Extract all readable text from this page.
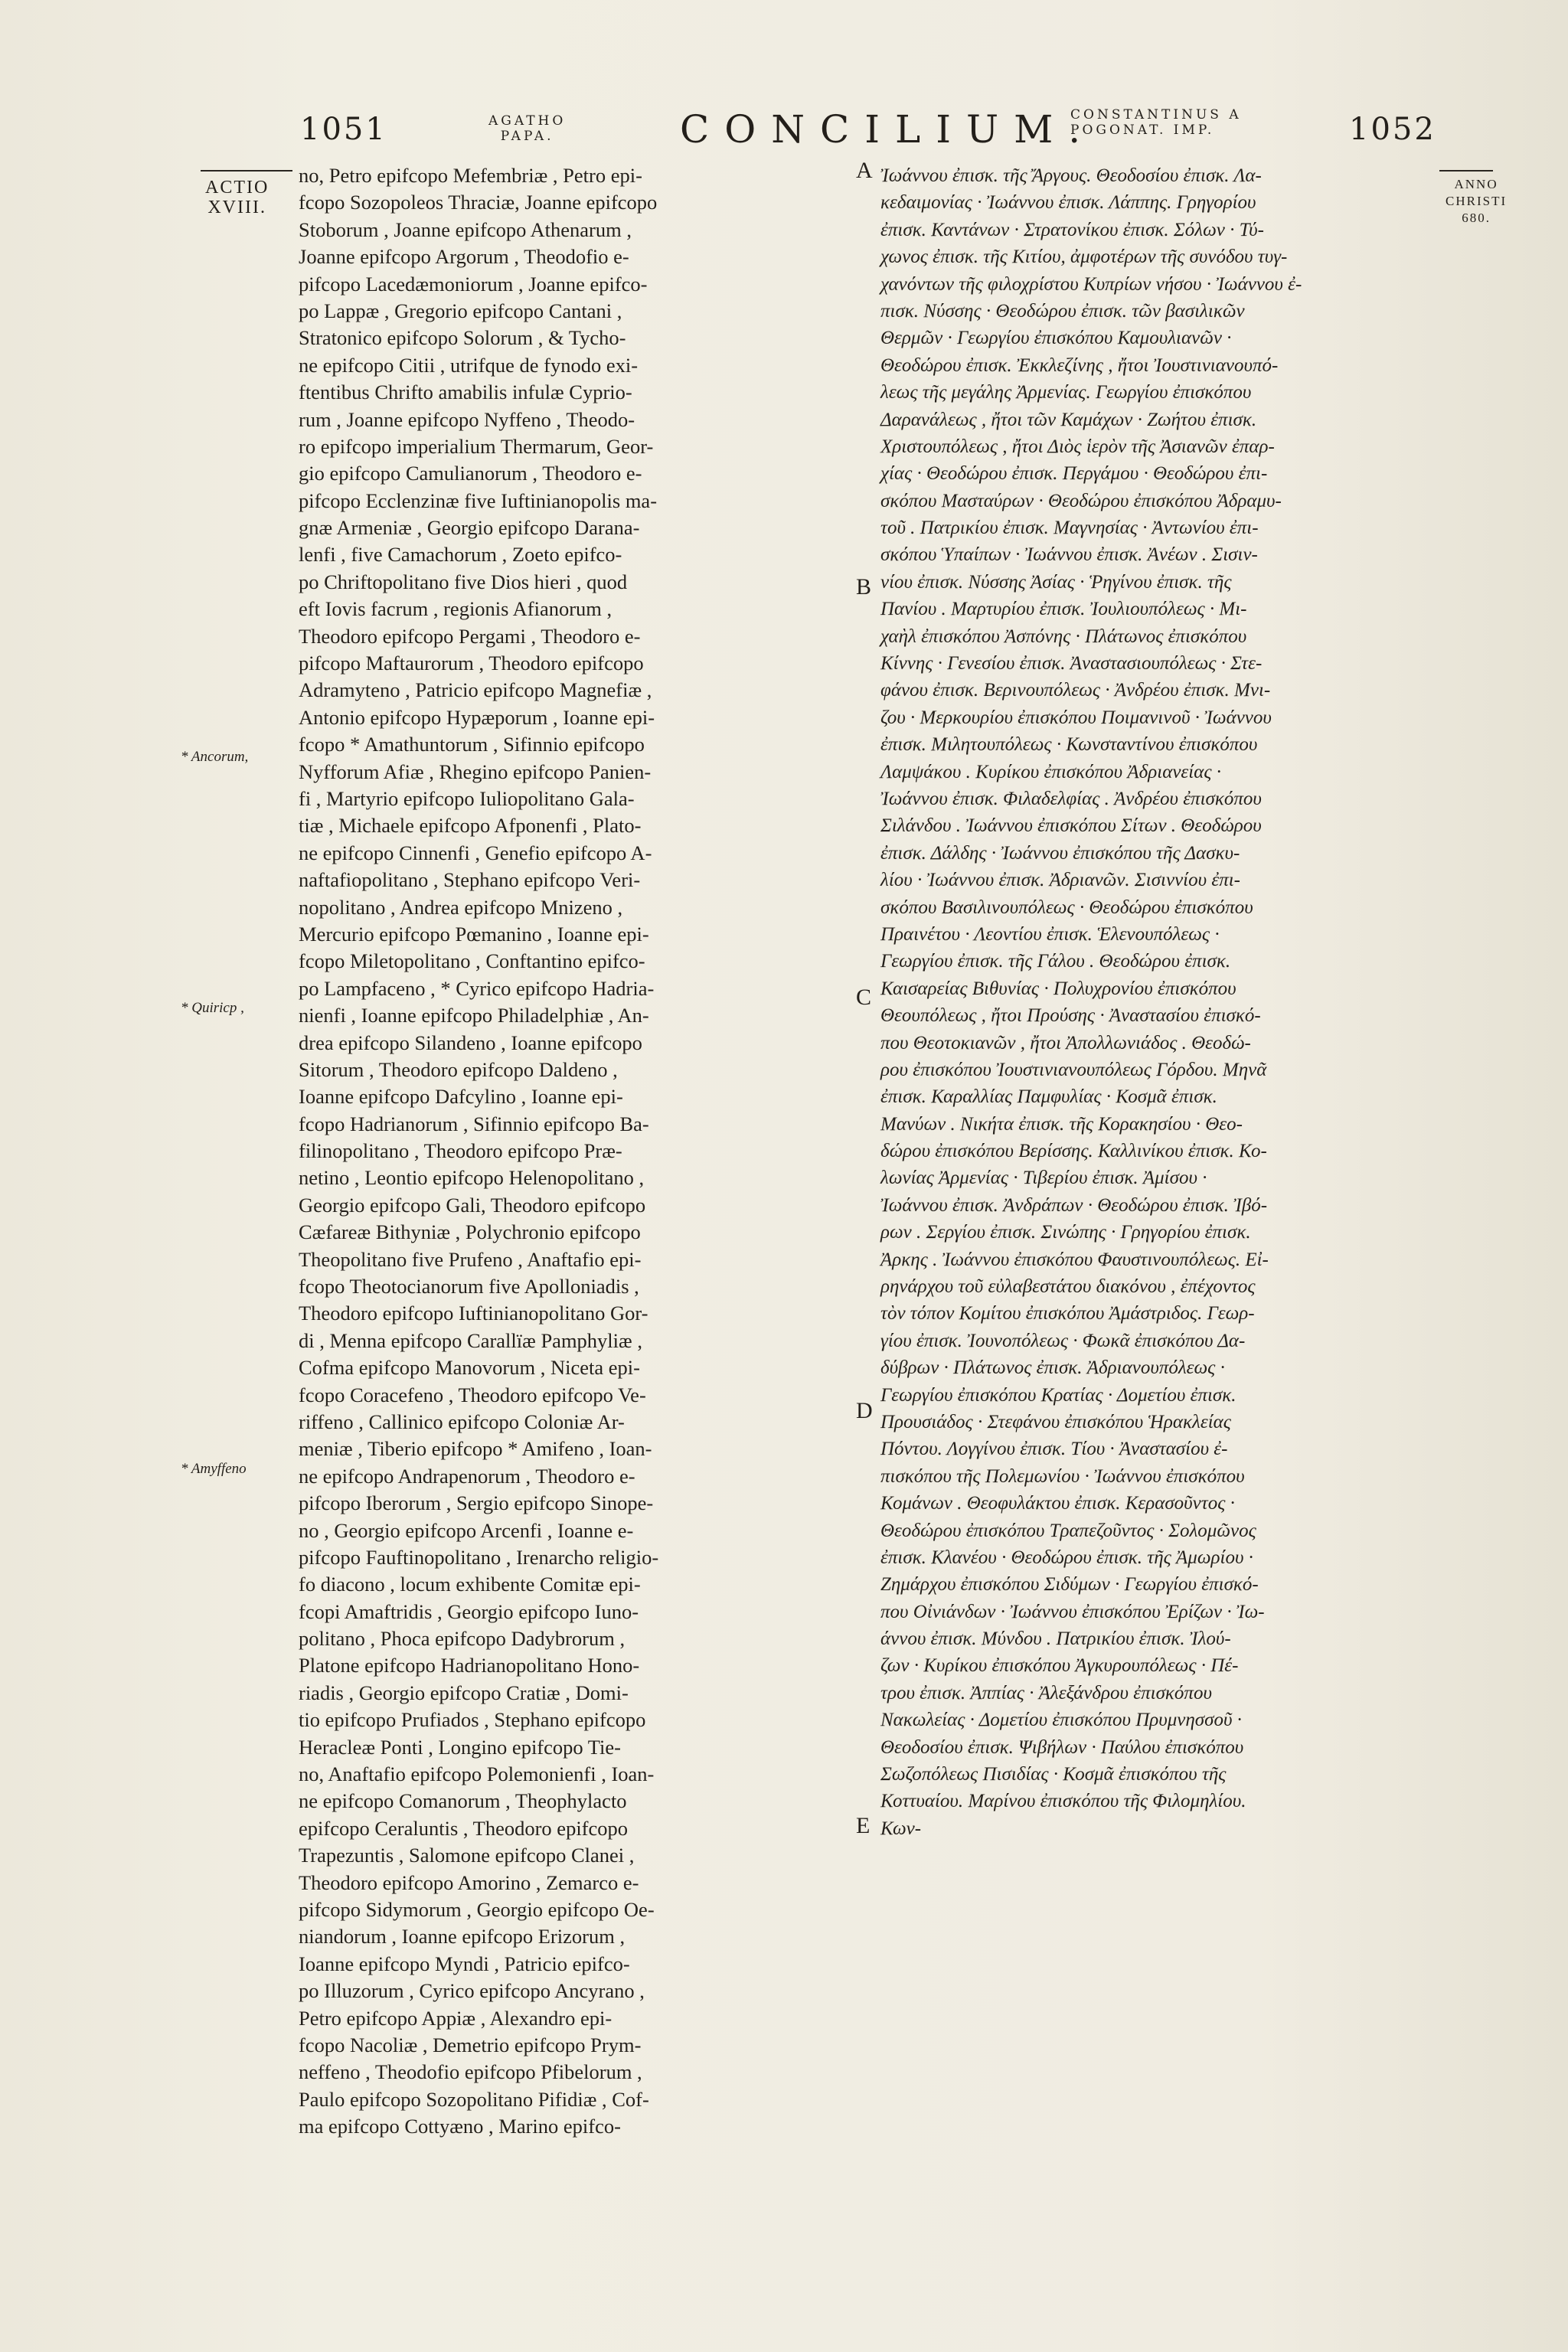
1051	AGATHO
PAPA.	CONCILIUM.
CONSTANTINUS A
POGONAT. IMP.	1052
ACTIO
XVIII.
ANNO
CHRISTI
680.
* Ancorum,
* Quiricp ,
* Amyffeno
A
B
C
D
E
no, Petro epifcopo Mefembriæ , Petro epi-
fcopo Sozopoleos Thraciæ, Joanne epifcopo
Stoborum , Joanne epifcopo Athenarum ,
Joanne epifcopo Argorum , Theodofio e-
pifcopo Lacedæmoniorum , Joanne epifco-
po Lappæ , Gregorio epifcopo Cantani ,
Stratonico epifcopo Solorum , & Tycho-
ne epifcopo Citii , utrifque de fynodo exi-
ftentibus Chrifto amabilis infulæ Cyprio-
rum , Joanne epifcopo Nyffeno , Theodo-
ro epifcopo imperialium Thermarum, Geor-
gio epifcopo Camulianorum , Theodoro e-
pifcopo Ecclenzinæ five Iuftinianopolis ma-
gnæ Armeniæ , Georgio epifcopo Darana-
lenfi , five Camachorum , Zoeto epifco-
po Chriftopolitano five Dios hieri , quod
eft Iovis facrum , regionis Afianorum ,
Theodoro epifcopo Pergami , Theodoro e-
pifcopo Maftaurorum , Theodoro epifcopo
Adramyteno , Patricio epifcopo Magnefiæ ,
Antonio epifcopo Hypæporum , Ioanne epi-
fcopo * Amathuntorum , Sifinnio epifcopo
Nyfforum Afiæ , Rhegino epifcopo Panien-
fi , Martyrio epifcopo Iuliopolitano Gala-
tiæ , Michaele epifcopo Afponenfi , Plato-
ne epifcopo Cinnenfi , Genefio epifcopo A-
naftafiopolitano , Stephano epifcopo Veri-
nopolitano , Andrea epifcopo Mnizeno ,
Mercurio epifcopo Pœmanino , Ioanne epi-
fcopo Miletopolitano , Conftantino epifco-
po Lampfaceno , * Cyrico epifcopo Hadria-
nienfi , Ioanne epifcopo Philadelphiæ , An-
drea epifcopo Silandeno , Ioanne epifcopo
Sitorum , Theodoro epifcopo Daldeno ,
Ioanne epifcopo Dafcylino , Ioanne epi-
fcopo Hadrianorum , Sifinnio epifcopo Ba-
filinopolitano , Theodoro epifcopo Præ-
netino , Leontio epifcopo Helenopolitano ,
Georgio epifcopo Gali, Theodoro epifcopo
Cæfareæ Bithyniæ , Polychronio epifcopo
Theopolitano five Prufeno , Anaftafio epi-
fcopo Theotocianorum five Apolloniadis ,
Theodoro epifcopo Iuftinianopolitano Gor-
di , Menna epifcopo Carallïæ Pamphyliæ ,
Cofma epifcopo Manovorum , Niceta epi-
fcopo Coracefeno , Theodoro epifcopo Ve-
riffeno , Callinico epifcopo Coloniæ Ar-
meniæ , Tiberio epifcopo * Amifeno , Ioan-
ne epifcopo Andrapenorum , Theodoro e-
pifcopo Iberorum , Sergio epifcopo Sinope-
no , Georgio epifcopo Arcenfi , Ioanne e-
pifcopo Fauftinopolitano , Irenarcho religio-
fo diacono , locum exhibente Comitæ epi-
fcopi Amaftridis , Georgio epifcopo Iuno-
politano , Phoca epifcopo Dadybrorum ,
Platone epifcopo Hadrianopolitano Hono-
riadis , Georgio epifcopo Cratiæ , Domi-
tio epifcopo Prufiados , Stephano epifcopo
Heracleæ Ponti , Longino epifcopo Tie-
no, Anaftafio epifcopo Polemonienfi , Ioan-
ne epifcopo Comanorum , Theophylacto
epifcopo Ceraluntis , Theodoro epifcopo
Trapezuntis , Salomone epifcopo Clanei ,
Theodoro epifcopo Amorino , Zemarco e-
pifcopo Sidymorum , Georgio epifcopo Oe-
niandorum , Ioanne epifcopo Erizorum ,
Ioanne epifcopo Myndi , Patricio epifco-
po Illuzorum , Cyrico epifcopo Ancyrano ,
Petro epifcopo Appiæ , Alexandro epi-
fcopo Nacoliæ , Demetrio epifcopo Prym-
neffeno , Theodofio epifcopo Pfibelorum ,
Paulo epifcopo Sozopolitano Pifidiæ , Cof-
ma epifcopo Cottyæno , Marino epifco-
Ἰωάννου ἐπισκ. τῆς Ἄργους. Θεοδοσίου ἐπισκ. Λα-
κεδαιμονίας · Ἰωάννου ἐπισκ. Λάππης. Γρηγορίου
ἐπισκ. Καντάνων · Στρατονίκου ἐπισκ. Σόλων · Τύ-
χωνος ἐπισκ. τῆς Κιτίου, ἀμφοτέρων τῆς συνόδου τυγ-
χανόντων τῆς φιλοχρίστου Κυπρίων νήσου · Ἰωάννου ἐ-
πισκ. Νύσσης · Θεοδώρου ἐπισκ. τῶν βασιλικῶν
Θερμῶν · Γεωργίου ἐπισκόπου Καμουλιανῶν ·
Θεοδώρου ἐπισκ. Ἐκκλεζίνης , ἤτοι Ἰουστινιανουπό-
λεως τῆς μεγάλης Ἀρμενίας. Γεωργίου ἐπισκόπου
Δαρανάλεως , ἤτοι τῶν Καμάχων · Ζωήτου ἐπισκ.
Χριστουπόλεως , ἤτοι Διὸς ἱερὸν τῆς Ἀσιανῶν ἐπαρ-
χίας · Θεοδώρου ἐπισκ. Περγάμου · Θεοδώρου ἐπι-
σκόπου Μασταύρων · Θεοδώρου ἐπισκόπου Ἀδραμυ-
τοῦ . Πατρικίου ἐπισκ. Μαγνησίας · Ἀντωνίου ἐπι-
σκόπου Ὑπαίπων · Ἰωάννου ἐπισκ. Ἀνέων . Σισιν-
νίου ἐπισκ. Νύσσης Ἀσίας · Ῥηγίνου ἐπισκ. τῆς
Πανίου . Μαρτυρίου ἐπισκ. Ἰουλιουπόλεως · Μι-
χαὴλ ἐπισκόπου Ἀσπόνης · Πλάτωνος ἐπισκόπου
Κίννης · Γενεσίου ἐπισκ. Ἀναστασιουπόλεως · Στε-
φάνου ἐπισκ. Βερινουπόλεως · Ἀνδρέου ἐπισκ. Μνι-
ζου · Μερκουρίου ἐπισκόπου Ποιμανινοῦ · Ἰωάννου
ἐπισκ. Μιλητουπόλεως · Κωνσταντίνου ἐπισκόπου
Λαμψάκου . Κυρίκου ἐπισκόπου Ἀδριανείας ·
Ἰωάννου ἐπισκ. Φιλαδελφίας . Ἀνδρέου ἐπισκόπου
Σιλάνδου . Ἰωάννου ἐπισκόπου Σίτων . Θεοδώρου
ἐπισκ. Δάλδης · Ἰωάννου ἐπισκόπου τῆς Δασκυ-
λίου · Ἰωάννου ἐπισκ. Ἀδριανῶν. Σισιννίου ἐπι-
σκόπου Βασιλινουπόλεως · Θεοδώρου ἐπισκόπου
Πραινέτου · Λεοντίου ἐπισκ. Ἑλενουπόλεως ·
Γεωργίου ἐπισκ. τῆς Γάλου . Θεοδώρου ἐπισκ.
Καισαρείας Βιθυνίας · Πολυχρονίου ἐπισκόπου
Θεουπόλεως , ἤτοι Προύσης · Ἀναστασίου ἐπισκό-
που Θεοτοκιανῶν , ἤτοι Ἀπολλωνιάδος . Θεοδώ-
ρου ἐπισκόπου Ἰουστινιανουπόλεως Γόρδου. Μηνᾶ
ἐπισκ. Καραλλίας Παμφυλίας · Κοσμᾶ ἐπισκ.
Μανύων . Νικήτα ἐπισκ. τῆς Κορακησίου · Θεο-
δώρου ἐπισκόπου Βερίσσης. Καλλινίκου ἐπισκ. Κο-
λωνίας Ἀρμενίας · Τιβερίου ἐπισκ. Ἀμίσου ·
Ἰωάννου ἐπισκ. Ἀνδράπων · Θεοδώρου ἐπισκ. Ἰβό-
ρων . Σεργίου ἐπισκ. Σινώπης · Γρηγορίου ἐπισκ.
Ἀρκης . Ἰωάννου ἐπισκόπου Φαυστινουπόλεως. Εἰ-
ρηνάρχου τοῦ εὐλαβεστάτου διακόνου , ἐπέχοντος
τὸν τόπον Κομίτου ἐπισκόπου Ἀμάστριδος. Γεωρ-
γίου ἐπισκ. Ἰουνοπόλεως · Φωκᾶ ἐπισκόπου Δα-
δύβρων · Πλάτωνος ἐπισκ. Ἀδριανουπόλεως ·
Γεωργίου ἐπισκόπου Κρατίας · Δομετίου ἐπισκ.
Προυσιάδος · Στεφάνου ἐπισκόπου Ἡρακλείας
Πόντου. Λογγίνου ἐπισκ. Τίου · Ἀναστασίου ἐ-
πισκόπου τῆς Πολεμωνίου · Ἰωάννου ἐπισκόπου
Κομάνων . Θεοφυλάκτου ἐπισκ. Κερασοῦντος ·
Θεοδώρου ἐπισκόπου Τραπεζοῦντος · Σολομῶνος
ἐπισκ. Κλανέου · Θεοδώρου ἐπισκ. τῆς Ἀμωρίου ·
Ζημάρχου ἐπισκόπου Σιδύμων · Γεωργίου ἐπισκό-
που Οἰνιάνδων · Ἰωάννου ἐπισκόπου Ἐρίζων · Ἰω-
άννου ἐπισκ. Μύνδου . Πατρικίου ἐπισκ. Ἰλού-
ζων · Κυρίκου ἐπισκόπου Ἀγκυρουπόλεως · Πέ-
τρου ἐπισκ. Ἀππίας · Ἀλεξάνδρου ἐπισκόπου
Νακωλείας · Δομετίου ἐπισκόπου Πρυμνησσοῦ ·
Θεοδοσίου ἐπισκ. Ψιβήλων · Παύλου ἐπισκόπου
Σωζοπόλεως Πισιδίας · Κοσμᾶ ἐπισκόπου τῆς
Κοττυαίου. Μαρίνου ἐπισκόπου τῆς Φιλομηλίου.
Κων-
